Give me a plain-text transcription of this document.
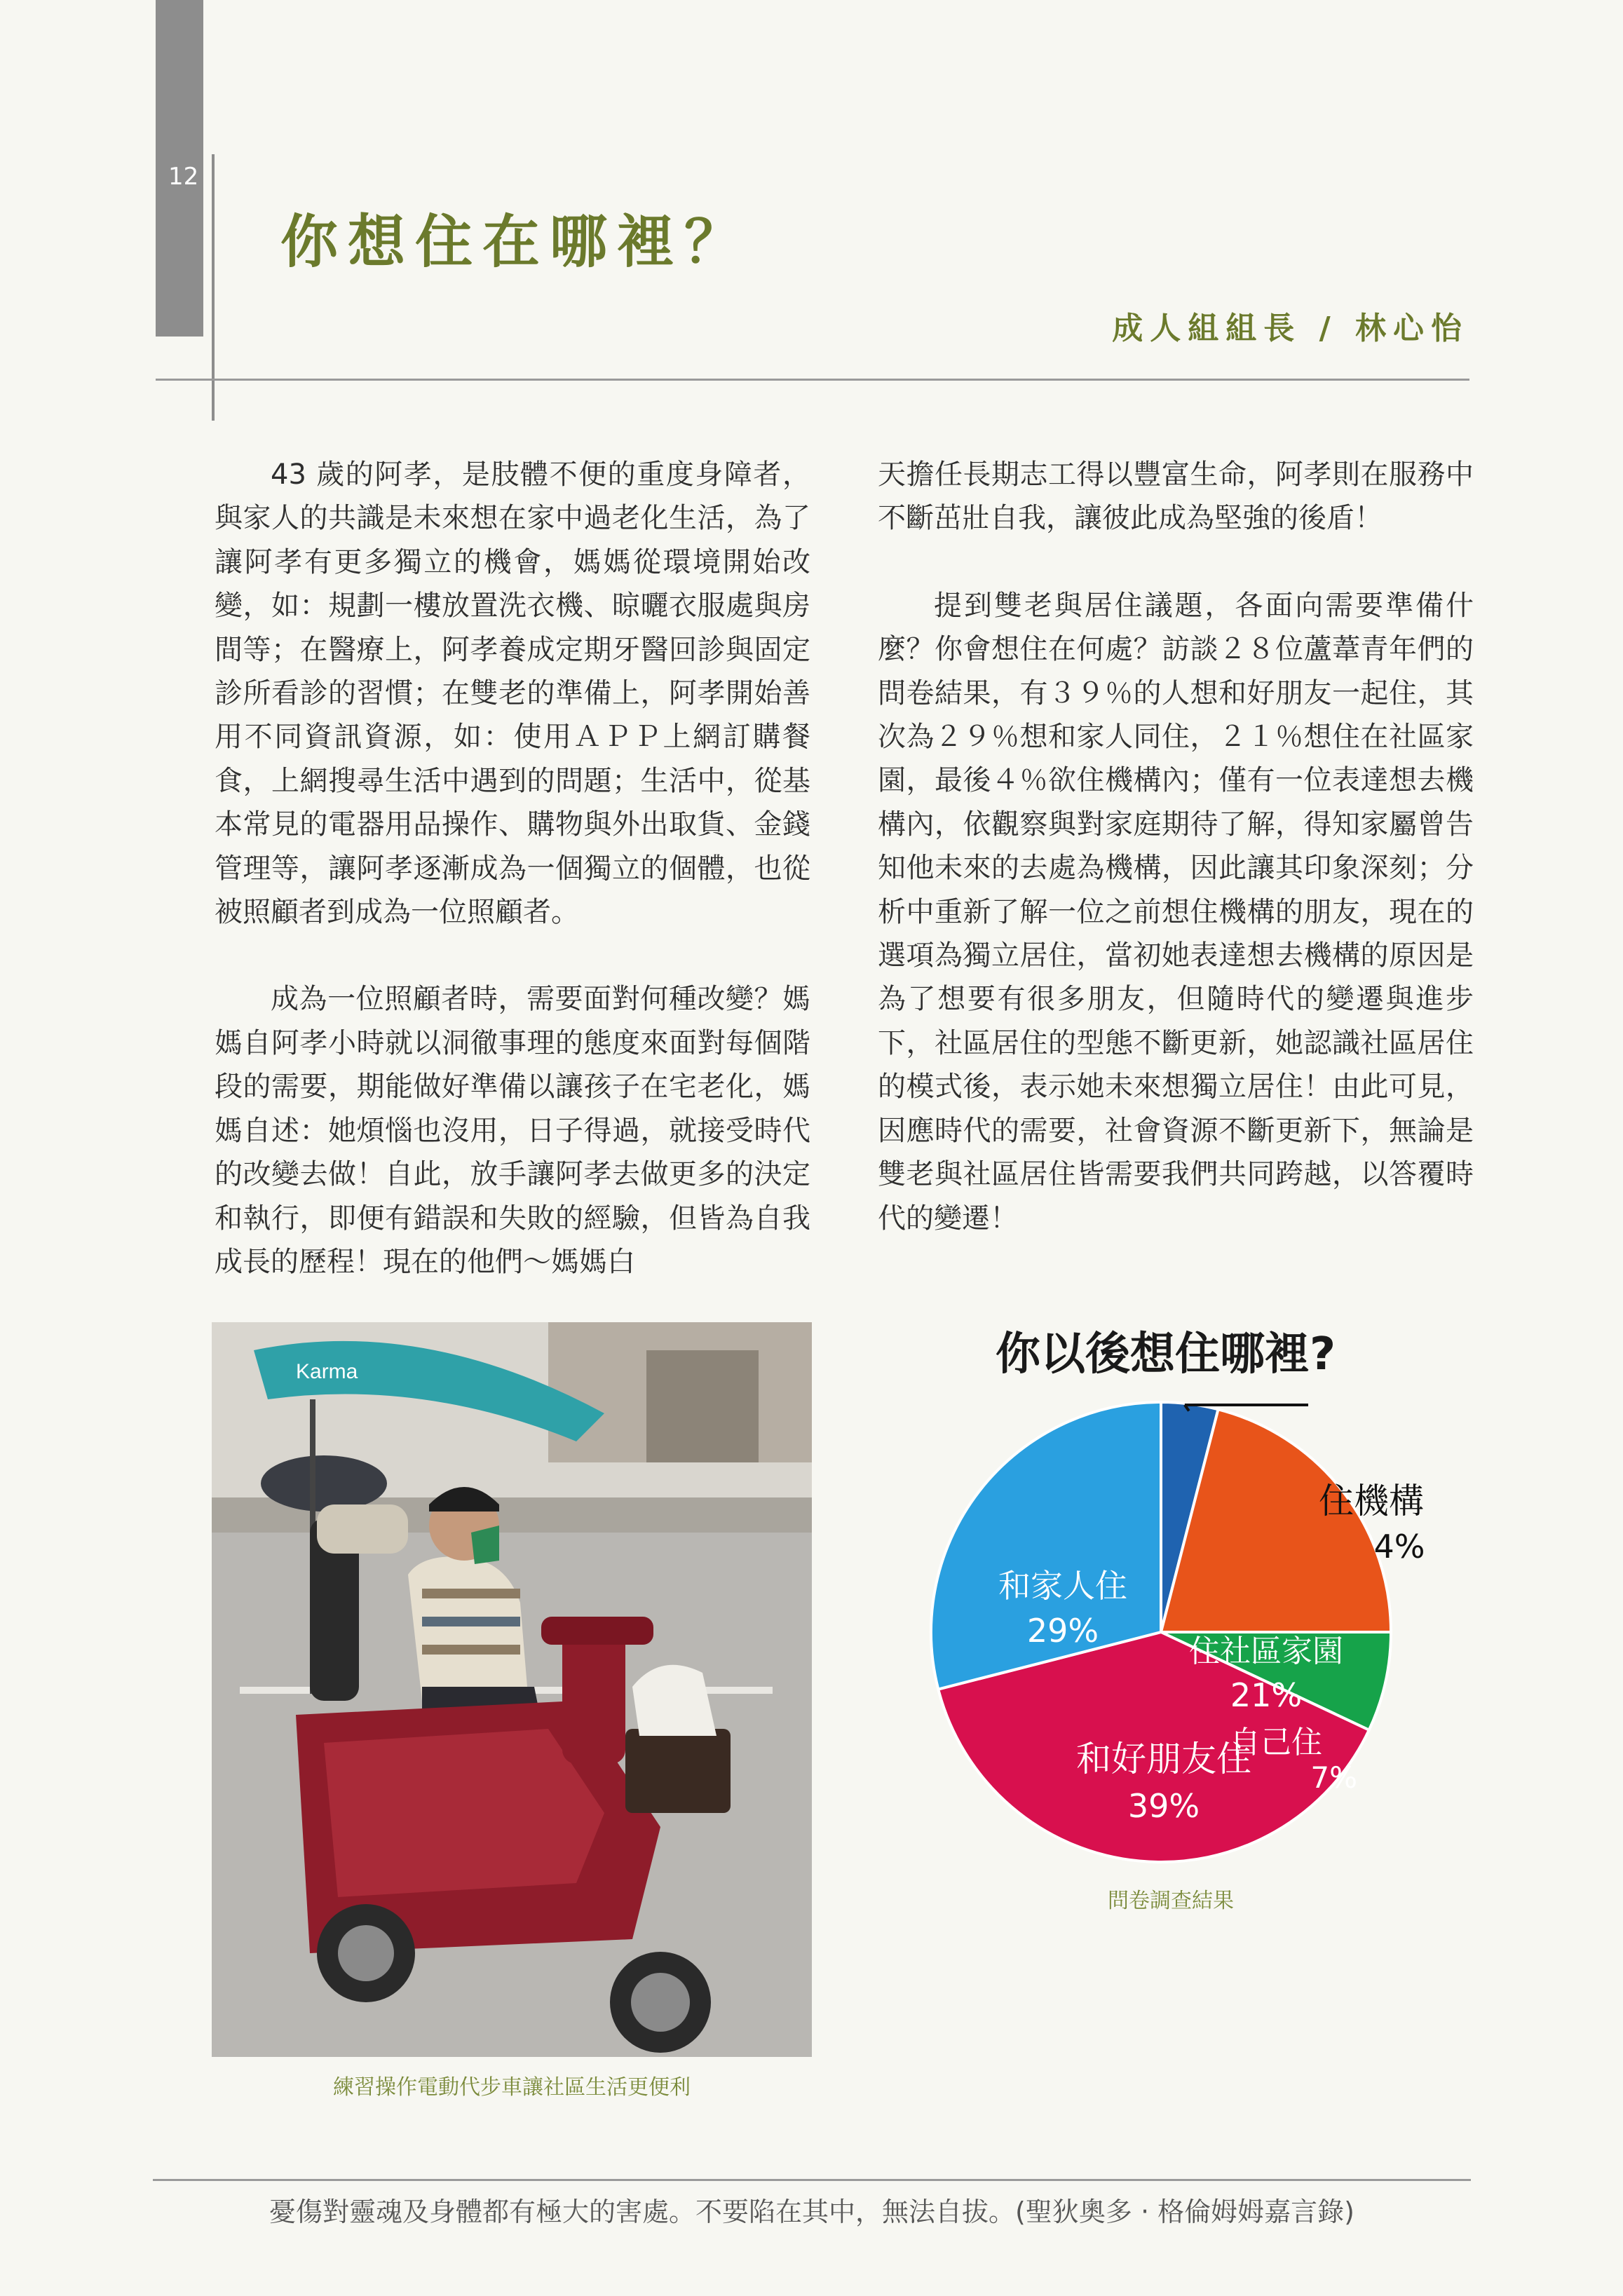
12
你想住在哪裡？
成人組組長 / 林心怡

43 歲的阿孝，是肢體不便的重度身障者，與家人的共識是未來想在家中過老化生活，為了讓阿孝有更多獨立的機會，媽媽從環境開始改變，如：規劃一樓放置洗衣機、晾曬衣服處與房間等；在醫療上，阿孝養成定期牙醫回診與固定診所看診的習慣；在雙老的準備上，阿孝開始善用不同資訊資源，如：使用ＡＰＰ上網訂購餐食，上網搜尋生活中遇到的問題；生活中，從基本常見的電器用品操作、購物與外出取貨、金錢管理等，讓阿孝逐漸成為一個獨立的個體，也從被照顧者到成為一位照顧者。

成為一位照顧者時，需要面對何種改變？媽媽自阿孝小時就以洞徹事理的態度來面對每個階段的需要，期能做好準備以讓孩子在宅老化，媽媽自述：她煩惱也沒用，日子得過，就接受時代的改變去做！自此，放手讓阿孝去做更多的決定和執行，即便有錯誤和失敗的經驗，但皆為自我成長的歷程！現在的他們～媽媽白

天擔任長期志工得以豐富生命，阿孝則在服務中不斷茁壯自我，讓彼此成為堅強的後盾！

提到雙老與居住議題，各面向需要準備什麼？你會想住在何處？訪談２８位蘆葦青年們的問卷結果，有３９％的人想和好朋友一起住，其次為２９％想和家人同住，２１％想住在社區家園，最後４％欲住機構內；僅有一位表達想去機構內，依觀察與對家庭期待了解，得知家屬曾告知他未來的去處為機構，因此讓其印象深刻；分析中重新了解一位之前想住機構的朋友，現在的選項為獨立居住，當初她表達想去機構的原因是為了想要有很多朋友，但隨時代的變遷與進步下，社區居住的型態不斷更新，她認識社區居住的模式後，表示她未來想獨立居住！由此可見，因應時代的需要，社會資源不斷更新下，無論是雙老與社區居住皆需要我們共同跨越，以答覆時代的變遷！

Karma
練習操作電動代步車讓社區生活更便利
你以後想住哪裡?
住機構
4%
住社區家園
21%
自己住
7%
和好朋友住
39%
和家人住
29%
問卷調查結果
憂傷對靈魂及身體都有極大的害處。不要陷在其中，無法自拔。(聖狄奧多 ‧ 格倫姆姆嘉言錄)
